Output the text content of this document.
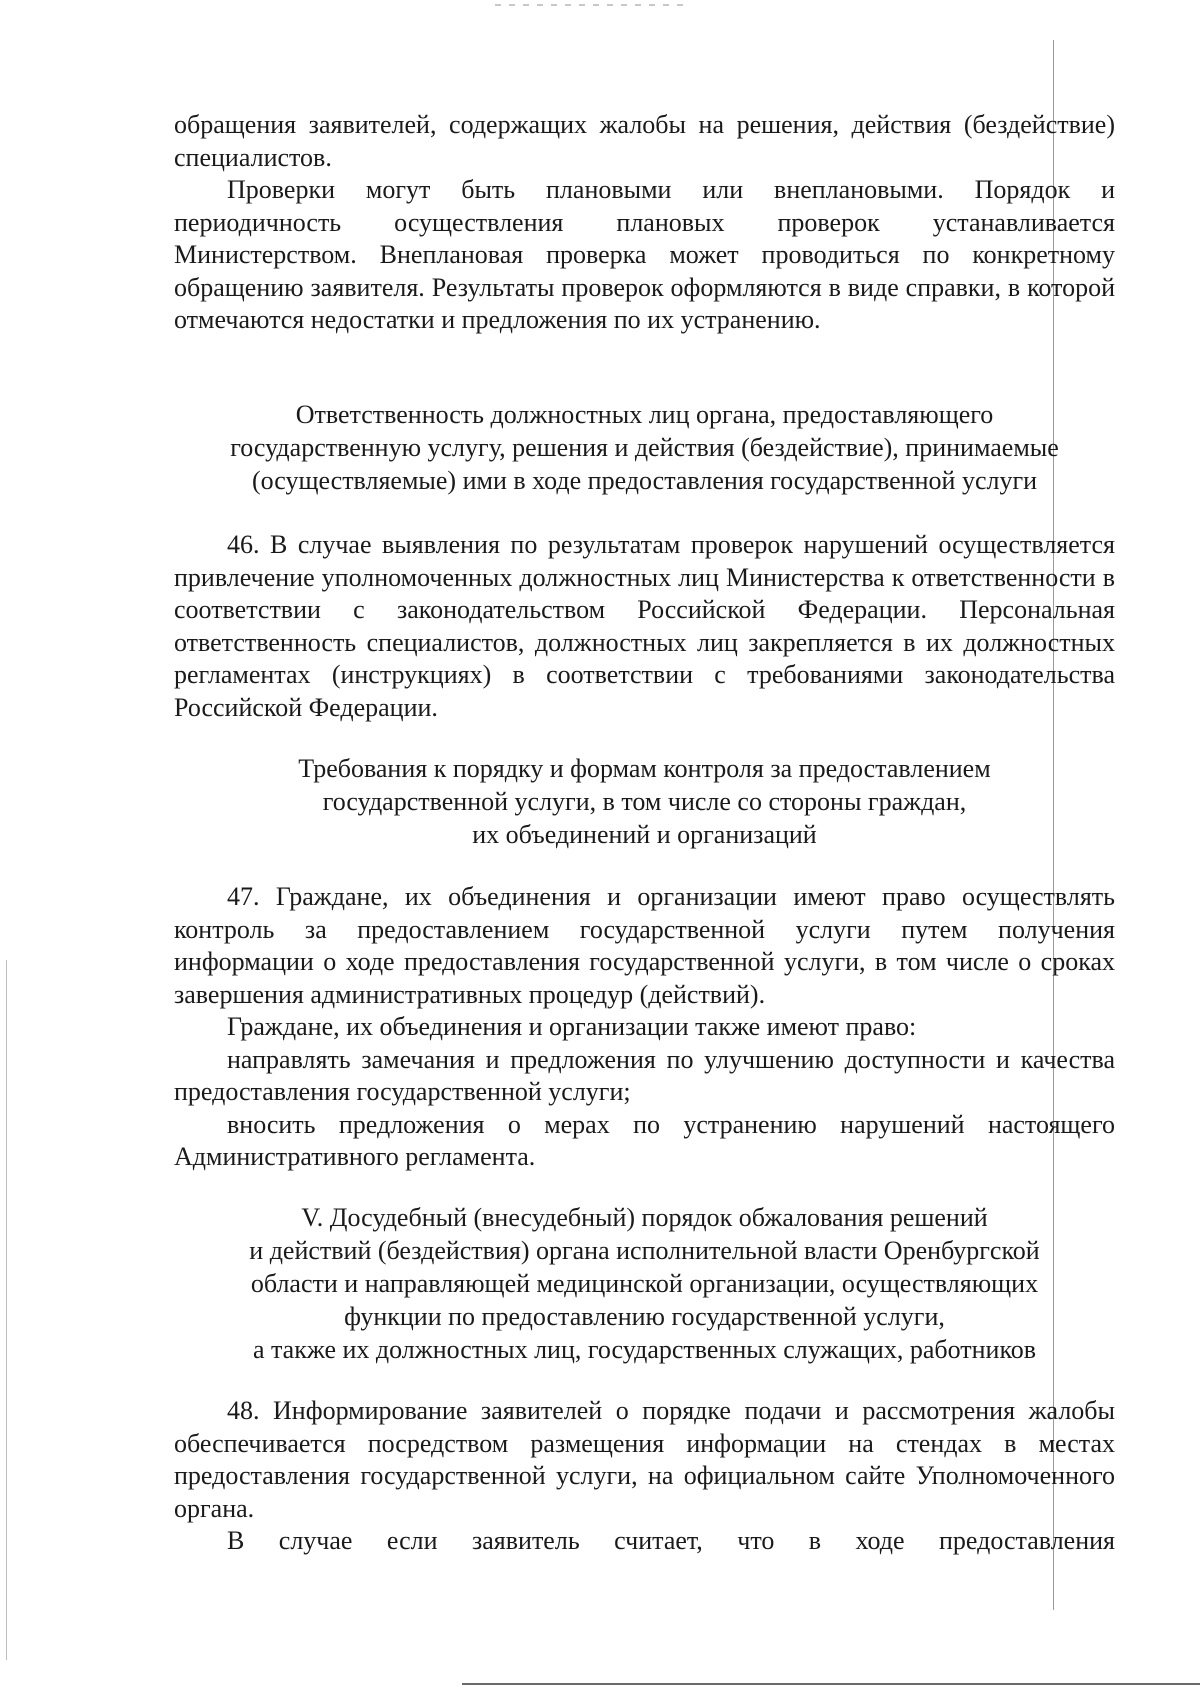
обращения заявителей, содержащих жалобы на решения, действия (бездействие) специалистов.

Проверки могут быть плановыми или внеплановыми. Порядок и периодичность осуществления плановых проверок устанавливается Министерством. Внеплановая проверка может проводиться по конкретному обращению заявителя. Результаты проверок оформляются в виде справки, в которой отмечаются недостатки и предложения по их устранению.

Ответственность должностных лиц органа, предоставляющего
государственную услугу, решения и действия (бездействие), принимаемые
(осуществляемые) ими в ходе предоставления государственной услуги

46. В случае выявления по результатам проверок нарушений осуществляется привлечение уполномоченных должностных лиц Министерства к ответственности в соответствии с законодательством Российской Федерации. Персональная ответственность специалистов, должностных лиц закрепляется в их должностных регламентах (инструкциях) в соответствии с требованиями законодательства Российской Федерации.

Требования к порядку и формам контроля за предоставлением
государственной услуги, в том числе со стороны граждан,
их объединений и организаций

47. Граждане, их объединения и организации имеют право осуществлять контроль за предоставлением государственной услуги путем получения информации о ходе предоставления государственной услуги, в том числе о сроках завершения административных процедур (действий).

Граждане, их объединения и организации также имеют право:

направлять замечания и предложения по улучшению доступности и качества предоставления государственной услуги;

вносить предложения о мерах по устранению нарушений настоящего Административного регламента.

V. Досудебный (внесудебный) порядок обжалования решений
и действий (бездействия) органа исполнительной власти Оренбургской
области и направляющей медицинской организации, осуществляющих
функции по предоставлению государственной услуги,
а также их должностных лиц, государственных служащих, работников

48. Информирование заявителей о порядке подачи и рассмотрения жалобы обеспечивается посредством размещения информации на стендах в местах предоставления государственной услуги, на официальном сайте Уполномоченного органа.

В случае если заявитель считает, что в ходе предоставления
